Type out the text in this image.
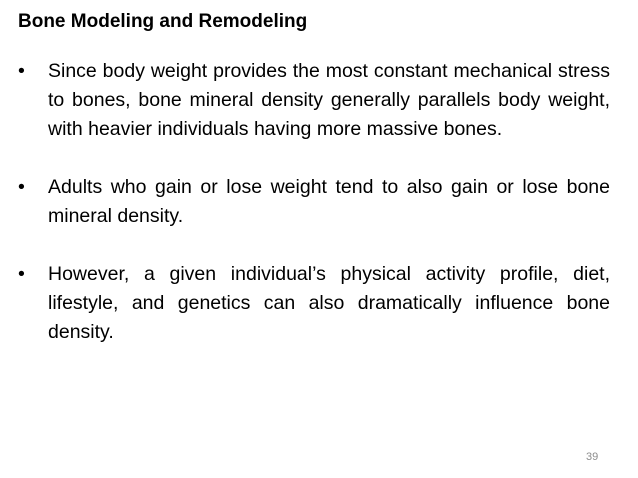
Bone Modeling and Remodeling
•	Since body weight provides the most constant mechanical stress to bones, bone mineral density generally parallels body weight, with heavier individuals having more massive bones.
•	Adults who gain or lose weight tend to also gain or lose bone mineral density.
•	However, a given individual’s physical activity profile, diet, lifestyle, and genetics can also dramatically influence bone density.
39
